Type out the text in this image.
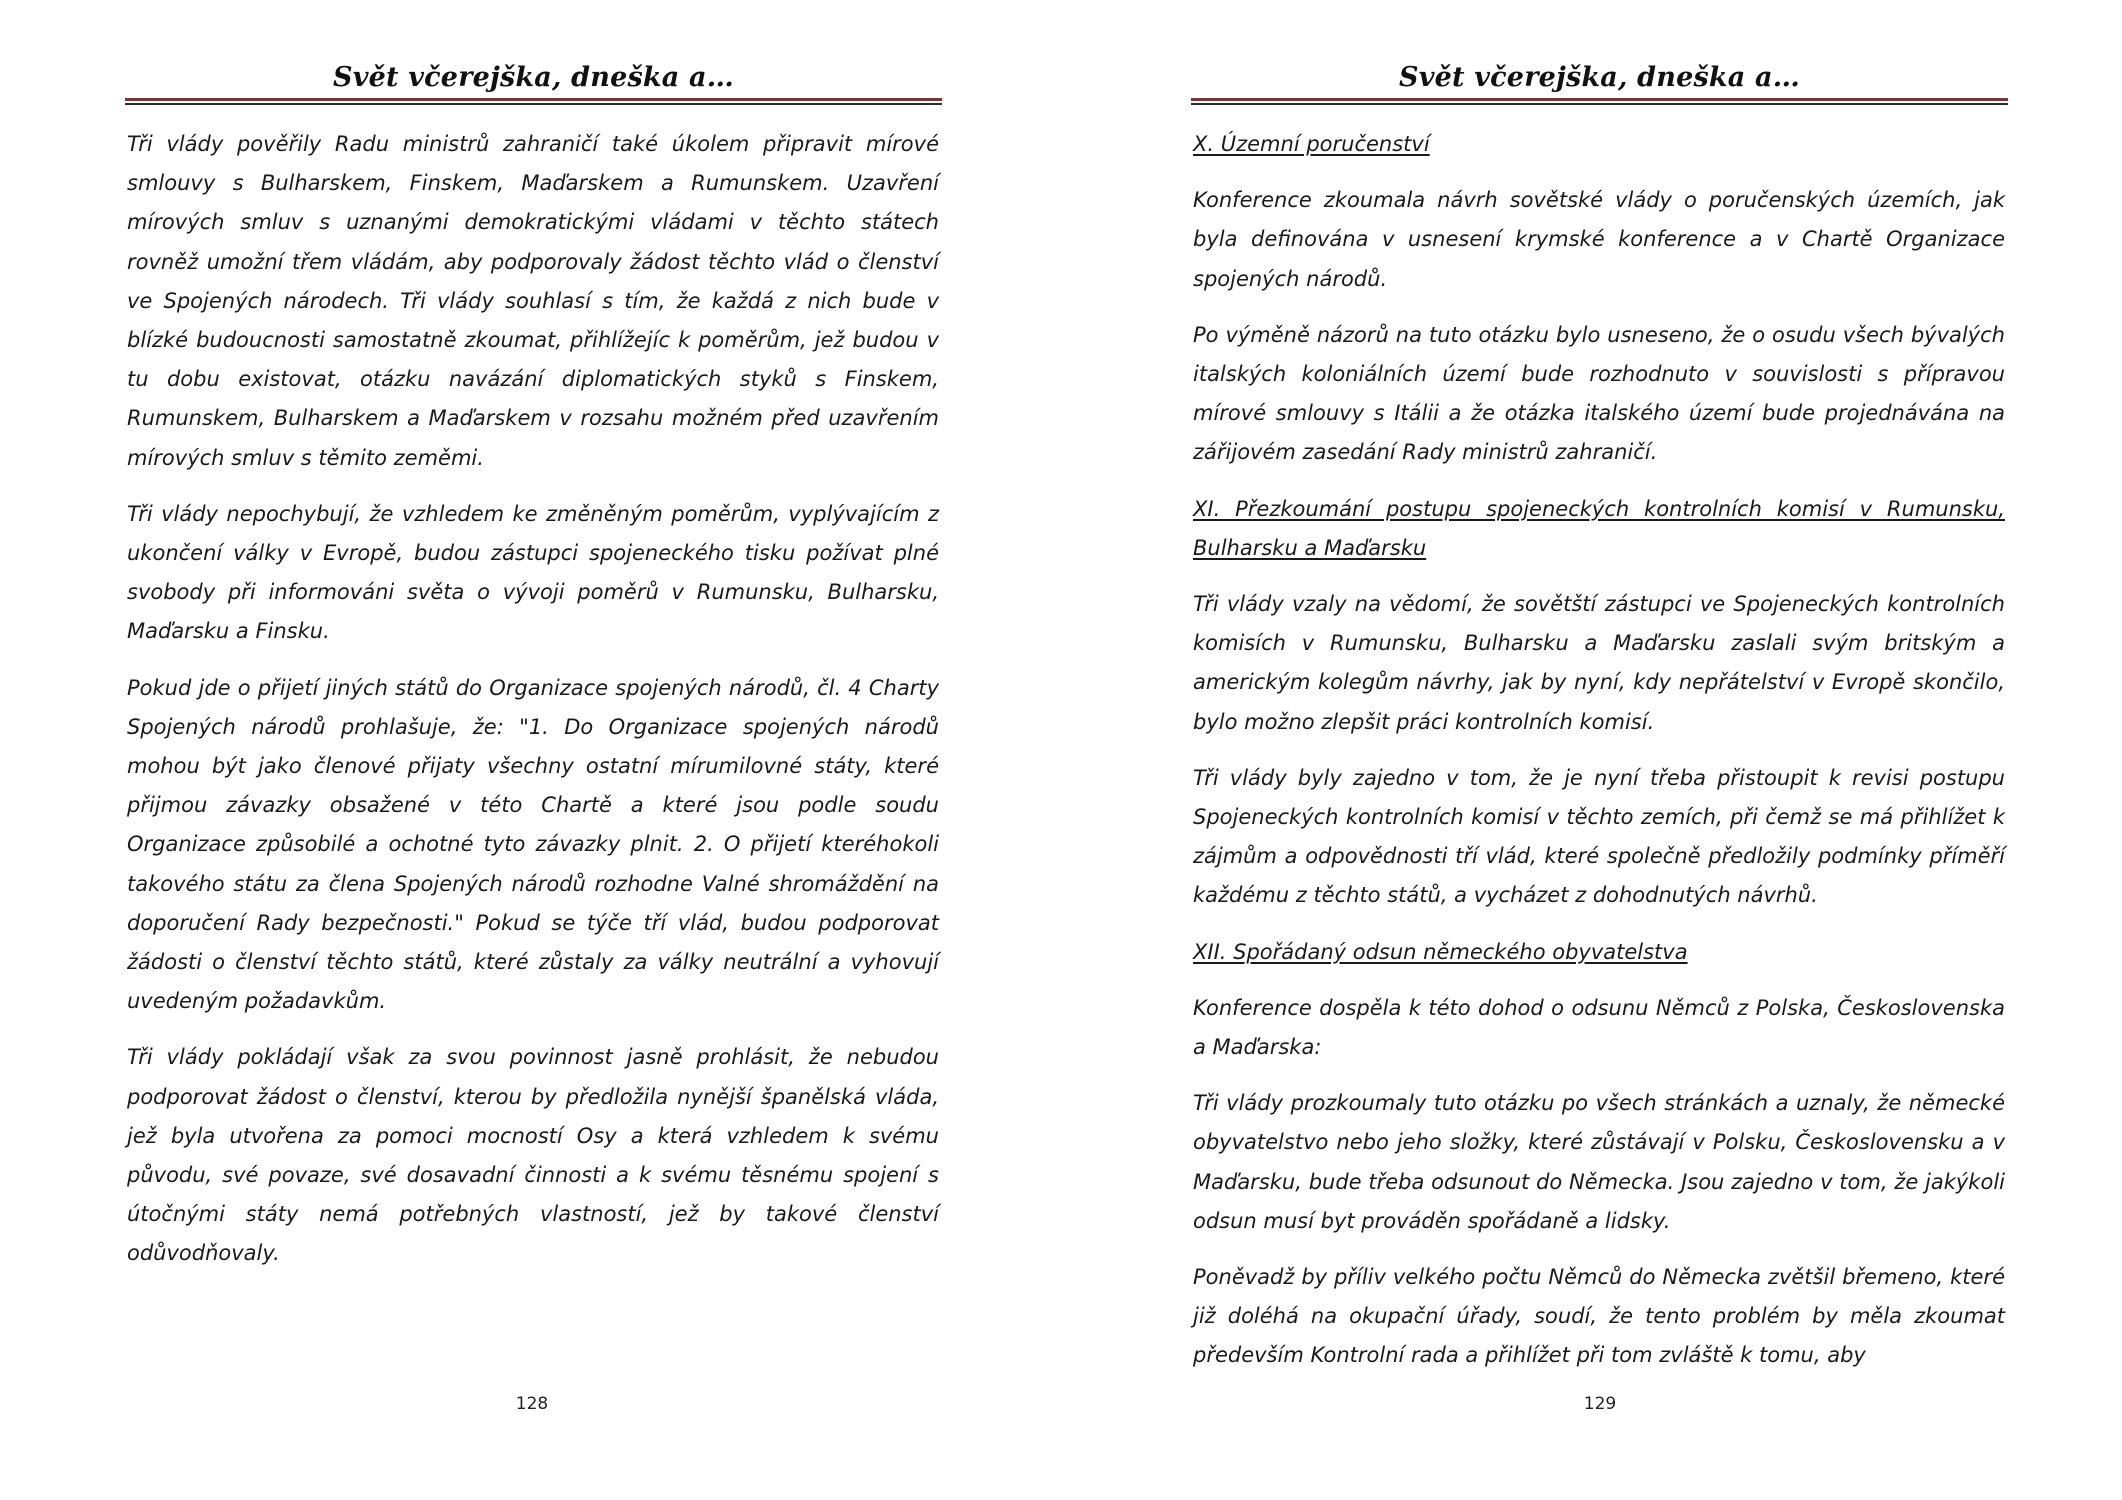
Svět včerejška, dneška a…

Tři vlády pověřily Radu ministrů zahraničí také úkolem připravit mírové smlouvy s Bulharskem, Finskem, Maďarskem a Rumunskem. Uzavření mírových smluv s uznanými demokratickými vládami v těchto státech rovněž umožní třem vládám, aby podporovaly žádost těchto vlád o členství ve Spojených národech. Tři vlády souhlasí s tím, že každá z nich bude v blízké budoucnosti samostatně zkoumat, přihlížejíc k poměrům, jež budou v tu dobu existovat, otázku navázání diplomatických styků s Finskem, Rumunskem, Bulharskem a Maďarskem v rozsahu možném před uzavřením mírových smluv s těmito zeměmi.

Tři vlády nepochybují, že vzhledem ke změněným poměrům, vyplývajícím z ukončení války v Evropě, budou zástupci spojeneckého tisku požívat plné svobody při informováni světa o vývoji poměrů v Rumunsku, Bulharsku, Maďarsku a Finsku.

Pokud jde o přijetí jiných států do Organizace spojených národů, čl. 4 Charty Spojených národů prohlašuje, že: "1. Do Organizace spojených národů mohou být jako členové přijaty všechny ostatní mírumilovné státy, které přijmou závazky obsažené v této Chartě a které jsou podle soudu Organizace způsobilé a ochotné tyto závazky plnit. 2. O přijetí kteréhokoli takového státu za člena Spojených národů rozhodne Valné shromáždění na doporučení Rady bezpečnosti." Pokud se týče tří vlád, budou podporovat žádosti o členství těchto států, které zůstaly za války neutrální a vyhovují uvedeným požadavkům.

Tři vlády pokládají však za svou povinnost jasně prohlásit, že nebudou podporovat žádost o členství, kterou by předložila nynější španělská vláda, jež byla utvořena za pomoci mocností Osy a která vzhledem k svému původu, své povaze, své dosavadní činnosti a k svému těsnému spojení s útočnými státy nemá potřebných vlastností, jež by takové členství odůvodňovaly.

128
Svět včerejška, dneška a…

X. Územní poručenství

Konference zkoumala návrh sovětské vlády o poručenských územích, jak byla definována v usnesení krymské konference a v Chartě Organizace spojených národů.

Po výměně názorů na tuto otázku bylo usneseno, že o osudu všech bývalých italských koloniálních území bude rozhodnuto v souvislosti s přípravou mírové smlouvy s Itálii a že otázka italského území bude projednávána na zářijovém zasedání Rady ministrů zahraničí.

XI. Přezkoumání postupu spojeneckých kontrolních komisí v Rumunsku, Bulharsku a Maďarsku

Tři vlády vzaly na vědomí, že sovětští zástupci ve Spojeneckých kontrolních komisích v Rumunsku, Bulharsku a Maďarsku zaslali svým britským a americkým kolegům návrhy, jak by nyní, kdy nepřátelství v Evropě skončilo, bylo možno zlepšit práci kontrolních komisí.

Tři vlády byly zajedno v tom, že je nyní třeba přistoupit k revisi postupu Spojeneckých kontrolních komisí v těchto zemích, při čemž se má přihlížet k zájmům a odpovědnosti tří vlád, které společně předložily podmínky příměří každému z těchto států, a vycházet z dohodnutých návrhů.

XII. Spořádaný odsun německého obyvatelstva

Konference dospěla k této dohod o odsunu Němců z Polska, Československa a Maďarska:

Tři vlády prozkoumaly tuto otázku po všech stránkách a uznaly, že německé obyvatelstvo nebo jeho složky, které zůstávají v Polsku, Československu a v Maďarsku, bude třeba odsunout do Německa. Jsou zajedno v tom, že jakýkoli odsun musí byt prováděn spořádaně a lidsky.

Poněvadž by příliv velkého počtu Němců do Německa zvětšil břemeno, které již doléhá na okupační úřady, soudí, že tento problém by měla zkoumat především Kontrolní rada a přihlížet při tom zvláště k tomu, aby

129
